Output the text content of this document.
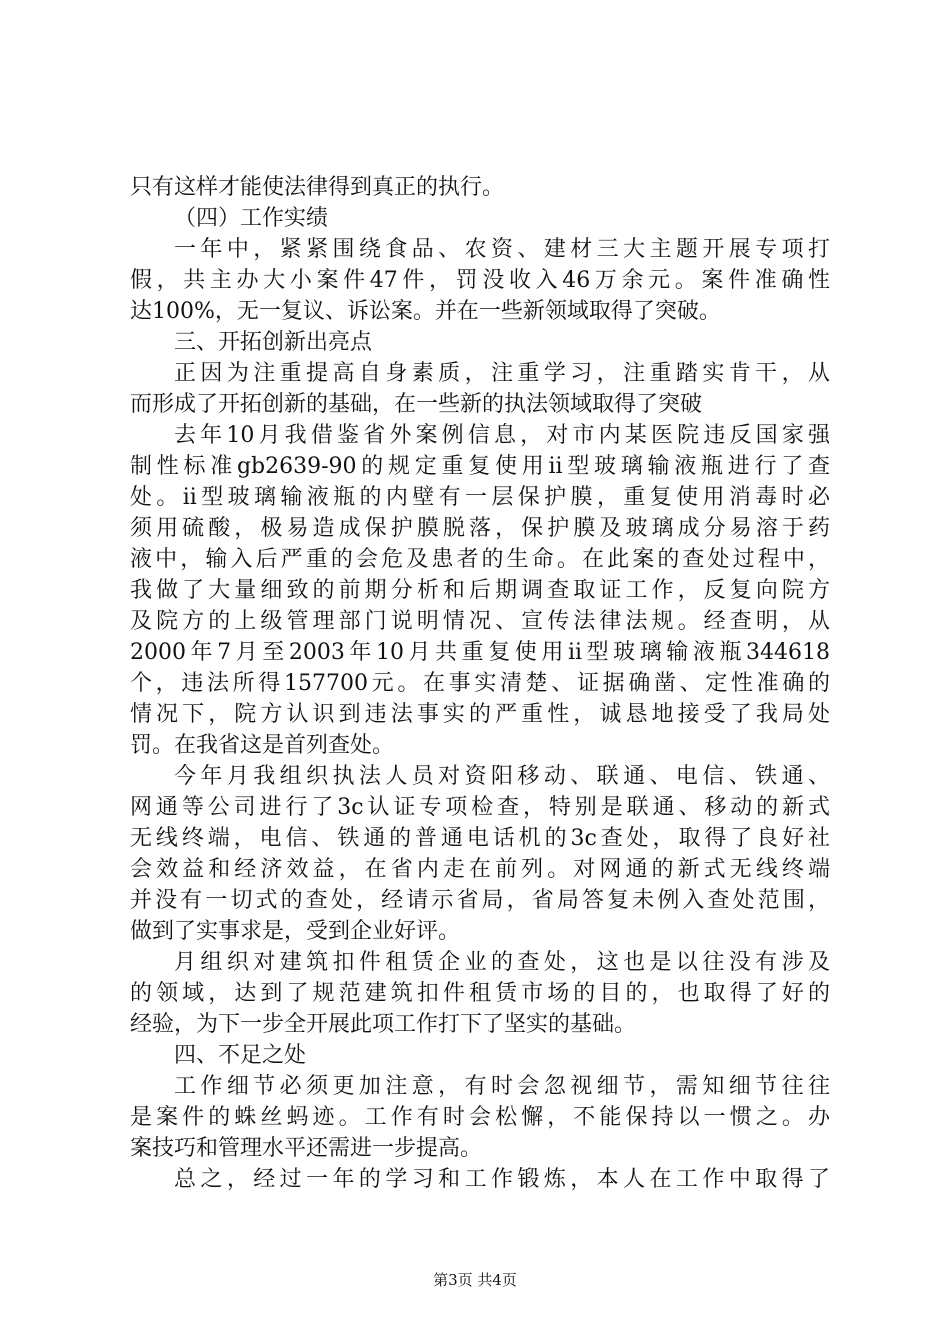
只有这样才能使法律得到真正的执行。
（四）工作实绩
一年中，紧紧围绕食品、农资、建材三大主题开展专项打
假，共主办大小案件47件，罚没收入46万余元。案件准确性
达100%，无一复议、诉讼案。并在一些新领域取得了突破。
三、开拓创新出亮点
正因为注重提高自身素质，注重学习，注重踏实肯干，从
而形成了开拓创新的基础，在一些新的执法领域取得了突破
去年10月我借鉴省外案例信息，对市内某医院违反国家强
制性标准gb2639-90的规定重复使用ii型玻璃输液瓶进行了查
处。ii型玻璃输液瓶的内壁有一层保护膜，重复使用消毒时必
须用硫酸，极易造成保护膜脱落，保护膜及玻璃成分易溶于药
液中，输入后严重的会危及患者的生命。在此案的查处过程中，
我做了大量细致的前期分析和后期调查取证工作，反复向院方
及院方的上级管理部门说明情况、宣传法律法规。经查明，从
2000年7月至2003年10月共重复使用ii型玻璃输液瓶344618
个，违法所得157700元。在事实清楚、证据确凿、定性准确的
情况下，院方认识到违法事实的严重性，诚恳地接受了我局处
罚。在我省这是首列查处。
今年月我组织执法人员对资阳移动、联通、电信、铁通、
网通等公司进行了3c认证专项检查，特别是联通、移动的新式
无线终端，电信、铁通的普通电话机的3c查处，取得了良好社
会效益和经济效益，在省内走在前列。对网通的新式无线终端
并没有一切式的查处，经请示省局，省局答复未例入查处范围，
做到了实事求是，受到企业好评。
月组织对建筑扣件租赁企业的查处，这也是以往没有涉及
的领域，达到了规范建筑扣件租赁市场的目的，也取得了好的
经验，为下一步全开展此项工作打下了坚实的基础。
四、不足之处
工作细节必须更加注意，有时会忽视细节，需知细节往往
是案件的蛛丝蚂迹。工作有时会松懈，不能保持以一惯之。办
案技巧和管理水平还需进一步提高。
总之，经过一年的学习和工作锻炼，本人在工作中取得了
第3页 共4页
